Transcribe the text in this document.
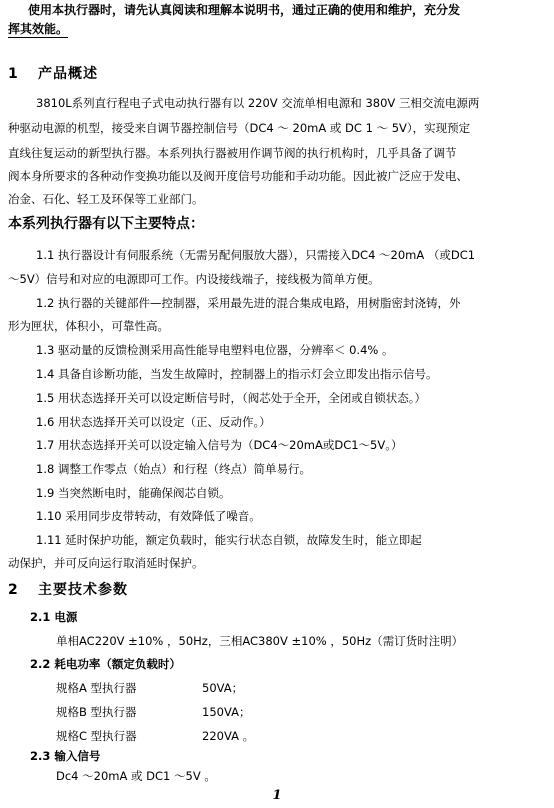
使用本执行器时，请先认真阅读和理解本说明书，通过正确的使用和维护，充分发
挥其效能。
1 产品概述
3810L系列直行程电子式电动执行器有以 220V 交流单相电源和 380V 三相交流电源两
种驱动电源的机型，接受来自调节器控制信号（DC4 ～ 20mA 或 DC 1 ～ 5V），实现预定
直线往复运动的新型执行器。本系列执行器被用作调节阀的执行机构时，几乎具备了调节
阀本身所要求的各种动作变换功能以及阀开度信号功能和手动功能。因此被广泛应于发电、
冶金、石化、轻工及环保等工业部门。
本系列执行器有以下主要特点：
1.1 执行器设计有伺服系统（无需另配伺服放大器），只需接入DC4 ～20mA （或DC1
～5V）信号和对应的电源即可工作。内设接线端子，接线极为简单方便。
1.2 执行器的关键部件—控制器，采用最先进的混合集成电路，用树脂密封浇铸，外
形为匣状，体积小，可靠性高。
1.3 驱动量的反馈检测采用高性能导电塑料电位器，分辨率＜ 0.4% 。
1.4 具备自诊断功能，当发生故障时，控制器上的指示灯会立即发出指示信号。
1.5 用状态选择开关可以设定断信号时，（阀芯处于全开，全闭或自锁状态。）
1.6 用状态选择开关可以设定（正、反动作。）
1.7 用状态选择开关可以设定输入信号为（DC4～20mA或DC1～5V。）
1.8 调整工作零点（始点）和行程（终点）简单易行。
1.9 当突然断电时，能确保阀芯自锁。
1.10 采用同步皮带转动，有效降低了噪音。
1.11 延时保护功能，额定负载时，能实行状态自锁，故障发生时，能立即起
动保护，并可反向运行取消延时保护。
2 主要技术参数
2.1 电源
单相AC220V ±10% ，50Hz，三相AC380V ±10% ，50Hz（需订货时注明）
2.2 耗电功率（额定负载时）
规格A 型执行器	50VA；
规格B 型执行器	150VA；
规格C 型执行器	220VA 。
2.3 输入信号
Dc4 ～20mA 或 DC1 ～5V 。
1
